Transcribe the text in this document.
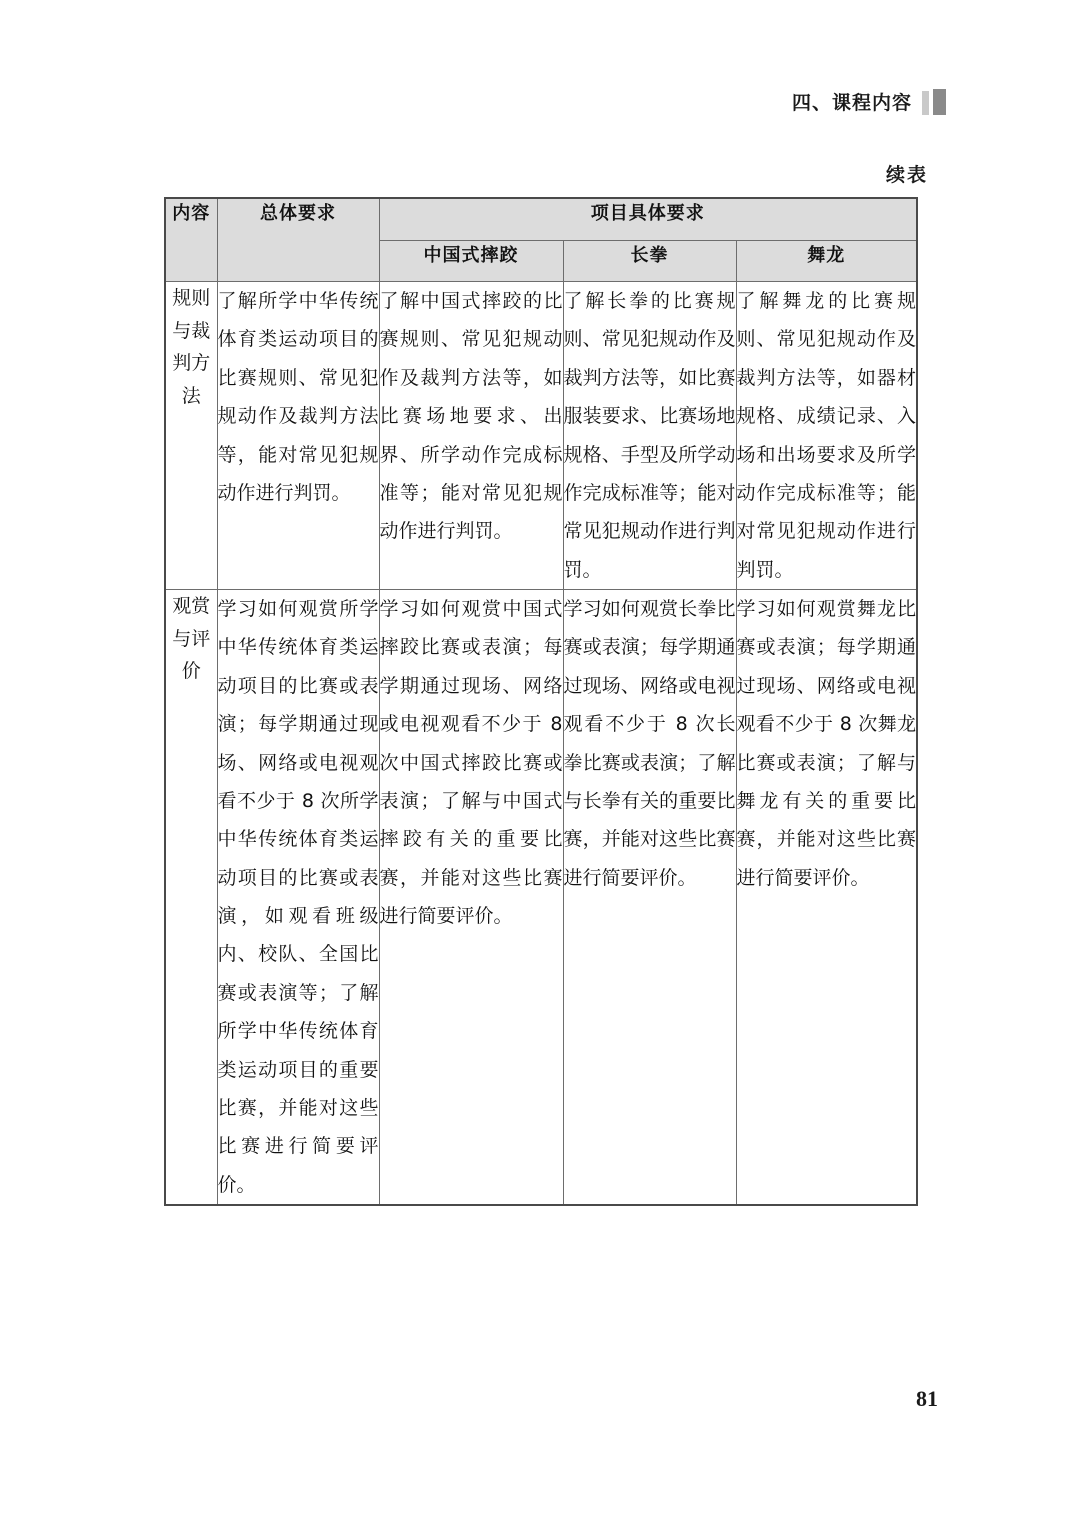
四、课程内容
续表
内容	总体要求	项目具体要求		
		中国式摔跤	长拳	舞龙
规则与裁判方法	了解所学中华传统体育类运动项目的比赛规则、常见犯规动作及裁判方法等，能对常见犯规动作进行判罚。	了解中国式摔跤的比赛规则、常见犯规动作及裁判方法等，如比赛场地要求、出界、所学动作完成标准等；能对常见犯规动作进行判罚。	了解长拳的比赛规则、常见犯规动作及裁判方法等，如比赛服装要求、比赛场地规格、手型及所学动作完成标准等；能对常见犯规动作进行判罚。	了解舞龙的比赛规则、常见犯规动作及裁判方法等，如器材规格、成绩记录、入场和出场要求及所学动作完成标准等；能对常见犯规动作进行判罚。
观赏与评价	学习如何观赏所学中华传统体育类运动项目的比赛或表演；每学期通过现场、网络或电视观看不少于 8 次所学中华传统体育类运动项目的比赛或表演，如观看班级内、校队、全国比赛或表演等；了解所学中华传统体育类运动项目的重要比赛，并能对这些比赛进行简要评价。	学习如何观赏中国式摔跤比赛或表演；每学期通过现场、网络或电视观看不少于 8 次中国式摔跤比赛或表演；了解与中国式摔跤有关的重要比赛，并能对这些比赛进行简要评价。	学习如何观赏长拳比赛或表演；每学期通过现场、网络或电视观看不少于 8 次长拳比赛或表演；了解与长拳有关的重要比赛，并能对这些比赛进行简要评价。	学习如何观赏舞龙比赛或表演；每学期通过现场、网络或电视观看不少于 8 次舞龙比赛或表演；了解与舞龙有关的重要比赛，并能对这些比赛进行简要评价。
81
